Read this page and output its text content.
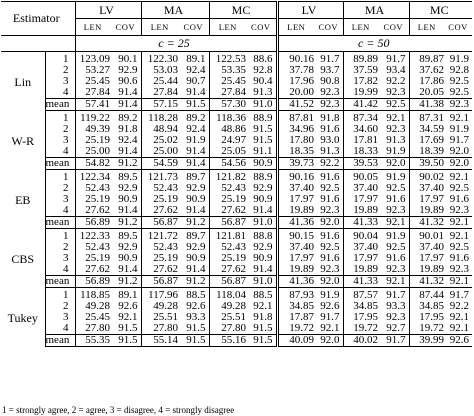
Estimator		LV		MA		MC		LV		MA		MC	
		LEN	COV	LEN	COV	LEN	COV	LEN	COV	LEN	COV	LEN	COV
		c = 25						c = 50					
Lin	1	123.09	90.1	122.30	89.1	122.53	88.6	90.16	91.7	89.89	91.7	89.87	91.9
	2	53.27	92.9	53.03	92.4	53.35	92.8	37.78	93.7	37.59	93.4	37.62	92.8
	3	25.45	90.6	25.44	90.7	25.45	90.4	17.96	90.8	17.82	92.2	17.86	92.5
	4	27.84	91.4	27.84	91.4	27.84	91.3	20.00	92.3	19.99	92.3	20.05	92.5
	mean	57.41	91.4	57.15	91.5	57.30	91.0	41.52	92.3	41.42	92.5	41.38	92.3
W-R	1	119.22	89.2	118.28	89.2	118.36	88.9	87.81	91.8	87.34	92.1	87.31	92.1
	2	49.39	91.8	48.94	92.4	48.86	91.5	34.96	91.6	34.60	92.3	34.59	91.9
	3	25.19	92.4	25.02	91.9	24.97	91.5	17.80	93.0	17.81	91.3	17.69	91.7
	4	25.00	91.4	25.00	91.4	25.05	91.1	18.35	91.3	18.33	91.9	18.39	92.0
	mean	54.82	91.2	54.59	91.4	54.56	90.9	39.73	92.2	39.53	92.0	39.50	92.0
EB	1	122.34	89.5	121.73	89.7	121.82	88.9	90.16	91.6	90.05	91.9	90.02	92.1
	2	52.43	92.9	52.43	92.9	52.43	92.9	37.40	92.5	37.40	92.5	37.40	92.5
	3	25.19	90.9	25.19	90.9	25.19	90.9	17.97	91.6	17.97	91.6	17.97	91.6
	4	27.62	91.4	27.62	91.4	27.62	91.4	19.89	92.3	19.89	92.3	19.89	92.3
	mean	56.89	91.2	56.87	91.2	56.87	91.0	41.36	92.0	41.33	92.1	41.32	92.1
CBS	1	122.33	89.5	121.72	89.7	121.81	88.8	90.15	91.6	90.04	91.9	90.01	92.1
	2	52.43	92.9	52.43	92.9	52.43	92.9	37.40	92.5	37.40	92.5	37.40	92.5
	3	25.19	90.9	25.19	90.9	25.19	90.9	17.97	91.6	17.97	91.6	17.97	91.6
	4	27.62	91.4	27.62	91.4	27.62	91.4	19.89	92.3	19.89	92.3	19.89	92.3
	mean	56.89	91.2	56.87	91.2	56.87	91.0	41.36	92.0	41.33	92.1	41.32	92.1
Tukey	1	118.85	89.1	117.96	88.5	118.04	88.5	87.93	91.9	87.57	91.7	87.44	91.7
	2	49.28	92.6	49.28	92.6	49.28	92.1	34.85	92.6	34.85	93.3	34.85	92.2
	3	25.45	92.1	25.51	93.3	25.51	91.8	17.87	91.7	17.95	92.3	17.95	92.1
	4	27.80	91.5	27.80	91.5	27.80	91.5	19.72	92.1	19.72	92.7	19.72	92.1
	mean	55.35	91.5	55.14	91.5	55.16	91.5	40.09	92.0	40.02	91.7	39.99	92.6
1 = strongly agree, 2 = agree, 3 = disagree, 4 = strongly disagree
